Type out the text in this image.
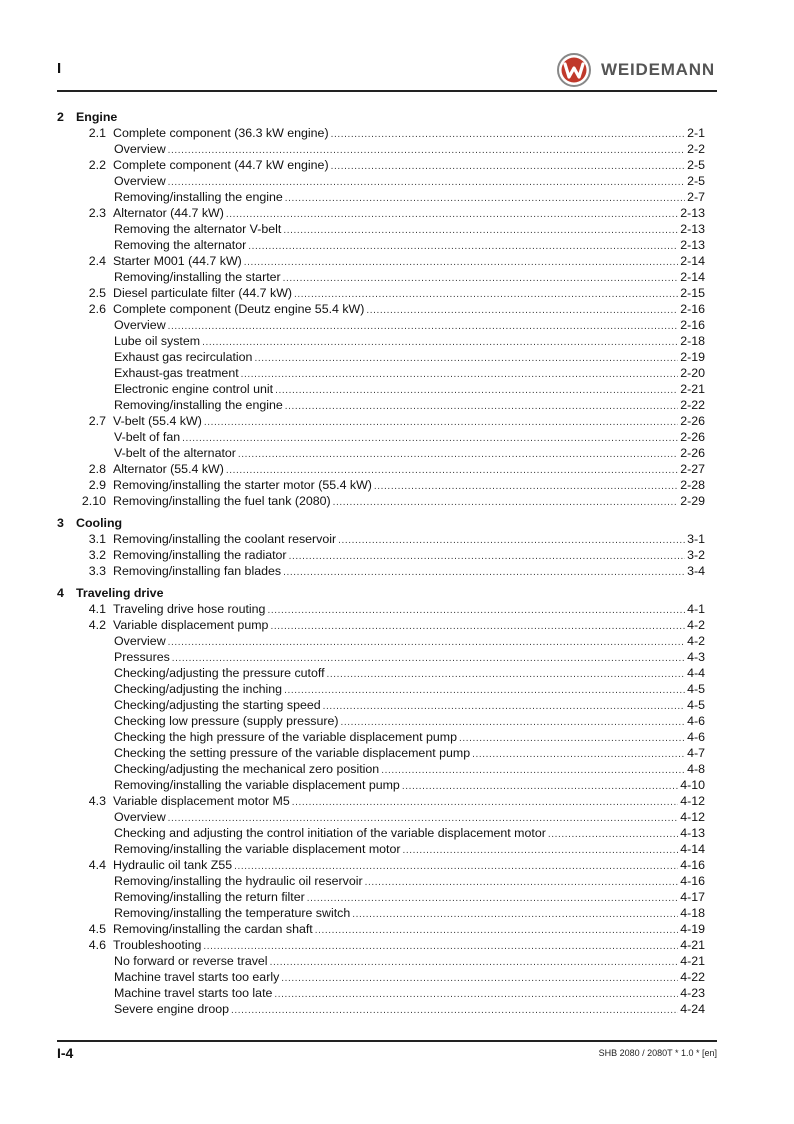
I	WEIDEMANN
2 Engine
2.1 Complete component (36.3 kW engine) .....	2-1
Overview .....	2-2
2.2 Complete component (44.7 kW engine) .....	2-5
Overview .....	2-5
Removing/installing the engine .....	2-7
2.3 Alternator (44.7 kW) .....	2-13
Removing the alternator V-belt .....	2-13
Removing the alternator .....	2-13
2.4 Starter M001 (44.7 kW) .....	2-14
Removing/installing the starter .....	2-14
2.5 Diesel particulate filter (44.7 kW) .....	2-15
2.6 Complete component (Deutz engine 55.4 kW) .....	2-16
Overview .....	2-16
Lube oil system .....	2-18
Exhaust gas recirculation .....	2-19
Exhaust-gas treatment .....	2-20
Electronic engine control unit .....	2-21
Removing/installing the engine .....	2-22
2.7 V-belt (55.4 kW) .....	2-26
V-belt of fan .....	2-26
V-belt of the alternator .....	2-26
2.8 Alternator (55.4 kW) .....	2-27
2.9 Removing/installing the starter motor (55.4 kW) .....	2-28
2.10 Removing/installing the fuel tank (2080) .....	2-29
3 Cooling
3.1 Removing/installing the coolant reservoir .....	3-1
3.2 Removing/installing the radiator .....	3-2
3.3 Removing/installing fan blades .....	3-4
4 Traveling drive
4.1 Traveling drive hose routing .....	4-1
4.2 Variable displacement pump .....	4-2
Overview .....	4-2
Pressures .....	4-3
Checking/adjusting the pressure cutoff .....	4-4
Checking/adjusting the inching .....	4-5
Checking/adjusting the starting speed .....	4-5
Checking low pressure (supply pressure) .....	4-6
Checking the high pressure of the variable displacement pump .....	4-6
Checking the setting pressure of the variable displacement pump .....	4-7
Checking/adjusting the mechanical zero position .....	4-8
Removing/installing the variable displacement pump .....	4-10
4.3 Variable displacement motor M5 .....	4-12
Overview .....	4-12
Checking and adjusting the control initiation of the variable displacement motor .....	4-13
Removing/installing the variable displacement motor .....	4-14
4.4 Hydraulic oil tank Z55 .....	4-16
Removing/installing the hydraulic oil reservoir .....	4-16
Removing/installing the return filter .....	4-17
Removing/installing the temperature switch .....	4-18
4.5 Removing/installing the cardan shaft .....	4-19
4.6 Troubleshooting .....	4-21
No forward or reverse travel .....	4-21
Machine travel starts too early .....	4-22
Machine travel starts too late .....	4-23
Severe engine droop .....	4-24
I-4	SHB 2080 / 2080T * 1.0 * [en]
